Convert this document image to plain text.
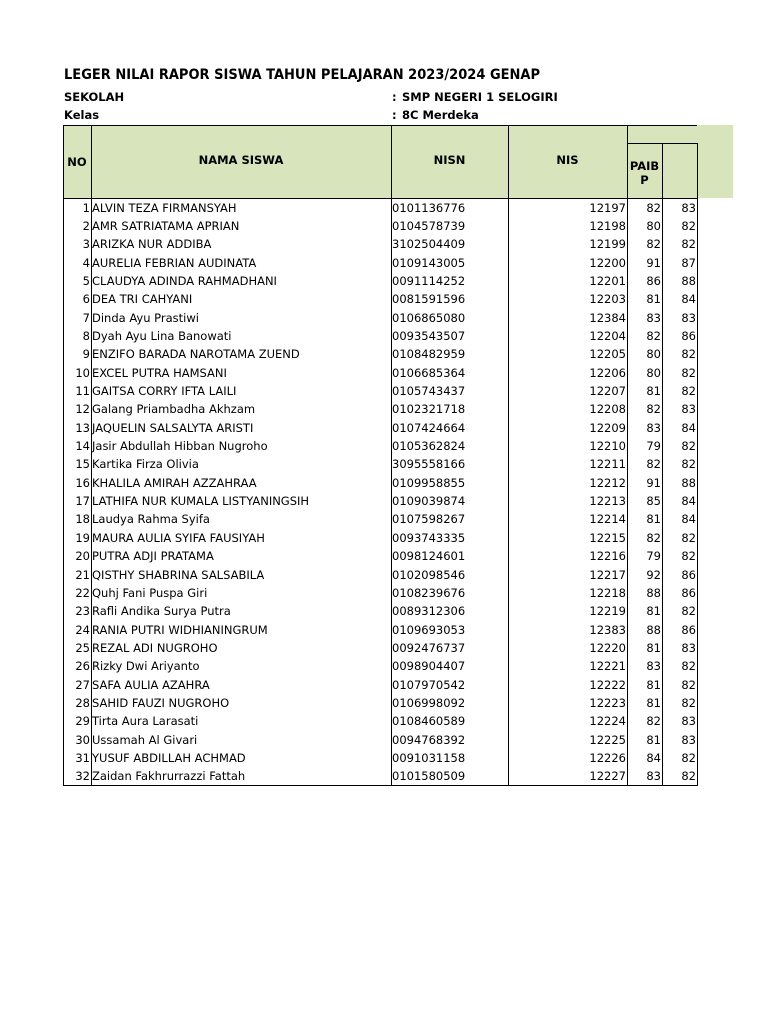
LEGER NILAI RAPOR SISWA TAHUN PELAJARAN 2023/2024 GENAP
SEKOLAH	: SMP NEGERI 1 SELOGIRI
Kelas	: 8C Merdeka
NO	NAMA SISWA	NISN	NIS	PAIB
P
1 ALVIN TEZA FIRMANSYAH	0101136776	12197	82	83
2 AMR SATRIATAMA APRIAN	0104578739	12198	80	82
3 ARIZKA NUR ADDIBA	3102504409	12199	82	82
4 AURELIA FEBRIAN AUDINATA	0109143005	12200	91	87
5 CLAUDYA ADINDA RAHMADHANI	0091114252	12201	86	88
6 DEA TRI CAHYANI	0081591596	12203	81	84
7 Dinda Ayu Prastiwi	0106865080	12384	83	83
8 Dyah Ayu Lina Banowati	0093543507	12204	82	86
9 ENZIFO BARADA NAROTAMA ZUEND	0108482959	12205	80	82
10 EXCEL PUTRA HAMSANI	0106685364	12206	80	82
11 GAITSA CORRY IFTA LAILI	0105743437	12207	81	82
12 Galang Priambadha Akhzam	0102321718	12208	82	83
13 JAQUELIN SALSALYTA ARISTI	0107424664	12209	83	84
14 Jasir Abdullah Hibban Nugroho	0105362824	12210	79	82
15 Kartika Firza Olivia	3095558166	12211	82	82
16 KHALILA AMIRAH AZZAHRAA	0109958855	12212	91	88
17 LATHIFA NUR KUMALA LISTYANINGSIH	0109039874	12213	85	84
18 Laudya Rahma Syifa	0107598267	12214	81	84
19 MAURA AULIA SYIFA FAUSIYAH	0093743335	12215	82	82
20 PUTRA ADJI PRATAMA	0098124601	12216	79	82
21 QISTHY SHABRINA SALSABILA	0102098546	12217	92	86
22 Quhj Fani Puspa Giri	0108239676	12218	88	86
23 Rafli Andika Surya Putra	0089312306	12219	81	82
24 RANIA PUTRI WIDHIANINGRUM	0109693053	12383	88	86
25 REZAL ADI NUGROHO	0092476737	12220	81	83
26 Rizky Dwi Ariyanto	0098904407	12221	83	82
27 SAFA AULIA AZAHRA	0107970542	12222	81	82
28 SAHID FAUZI NUGROHO	0106998092	12223	81	82
29 Tirta Aura Larasati	0108460589	12224	82	83
30 Ussamah Al Givari	0094768392	12225	81	83
31 YUSUF ABDILLAH ACHMAD	0091031158	12226	84	82
32 Zaidan Fakhrurrazzi Fattah	0101580509	12227	83	82
